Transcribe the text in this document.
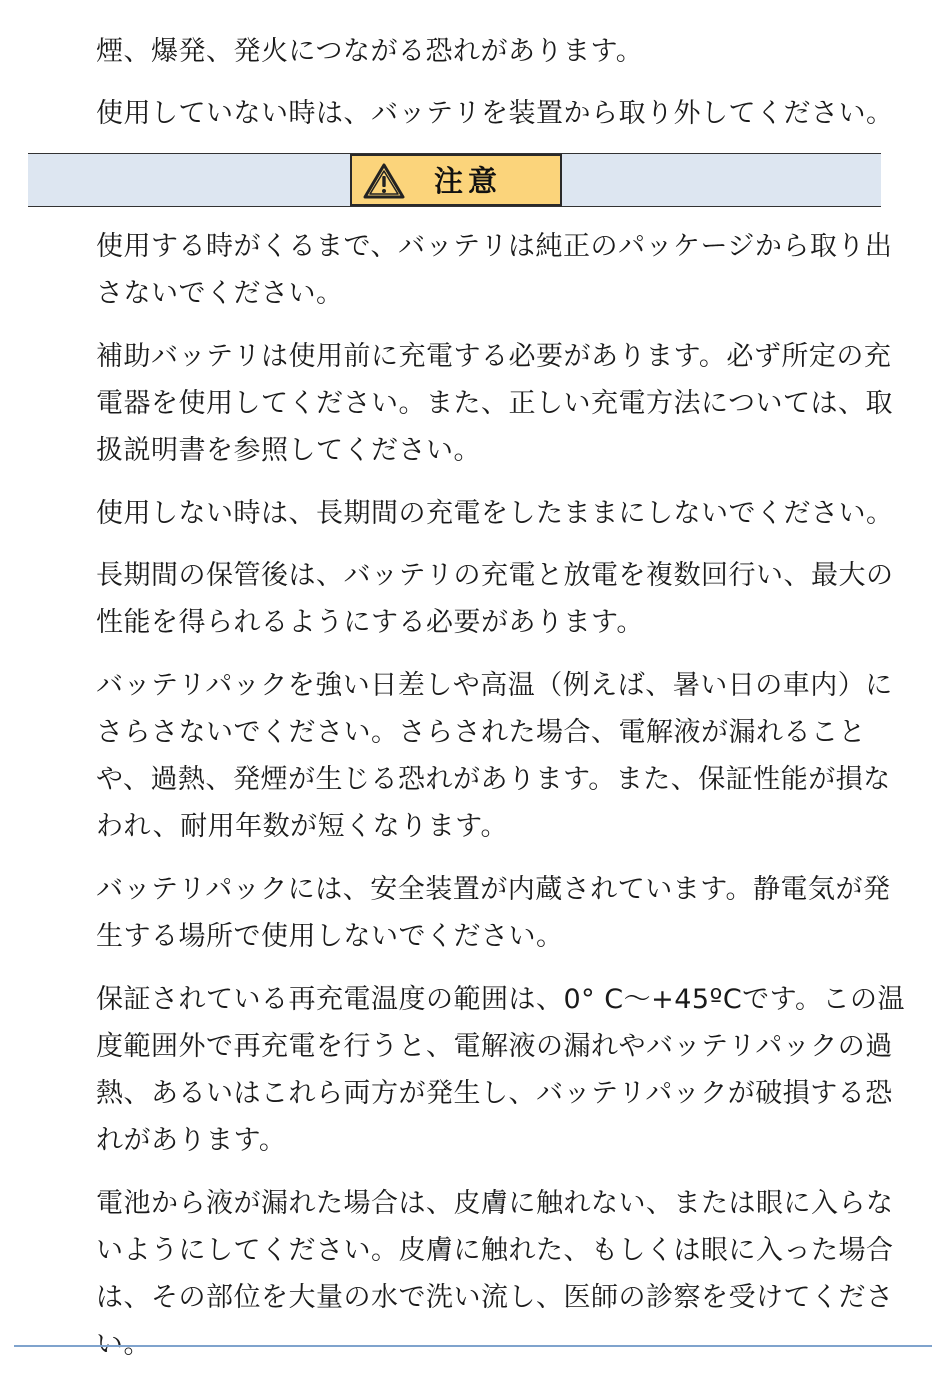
煙、爆発、発火につながる恐れがあります。

使用していない時は、バッテリを装置から取り外してください。

注意

使用する時がくるまで、バッテリは純正のパッケージから取り出さないでください。

補助バッテリは使用前に充電する必要があります。必ず所定の充電器を使用してください。また、正しい充電方法については、取扱説明書を参照してください。

使用しない時は、長期間の充電をしたままにしないでください。

長期間の保管後は、バッテリの充電と放電を複数回行い、最大の性能を得られるようにする必要があります。

バッテリパックを強い日差しや高温（例えば、暑い日の車内）にさらさないでください。さらされた場合、電解液が漏れることや、過熱、発煙が生じる恐れがあります。また、保証性能が損なわれ、耐用年数が短くなります。

バッテリパックには、安全装置が内蔵されています。静電気が発生する場所で使用しないでください。

保証されている再充電温度の範囲は、0° C～+45ºCです。この温度範囲外で再充電を行うと、電解液の漏れやバッテリパックの過 熱、あるいはこれら両方が発生し、バッテリパックが破損する恐れがあります。

電池から液が漏れた場合は、皮膚に触れない、または眼に入らないようにしてください。皮膚に触れた、もしくは眼に入った場合は、その部位を大量の水で洗い流し、医師の診察を受けてください。
